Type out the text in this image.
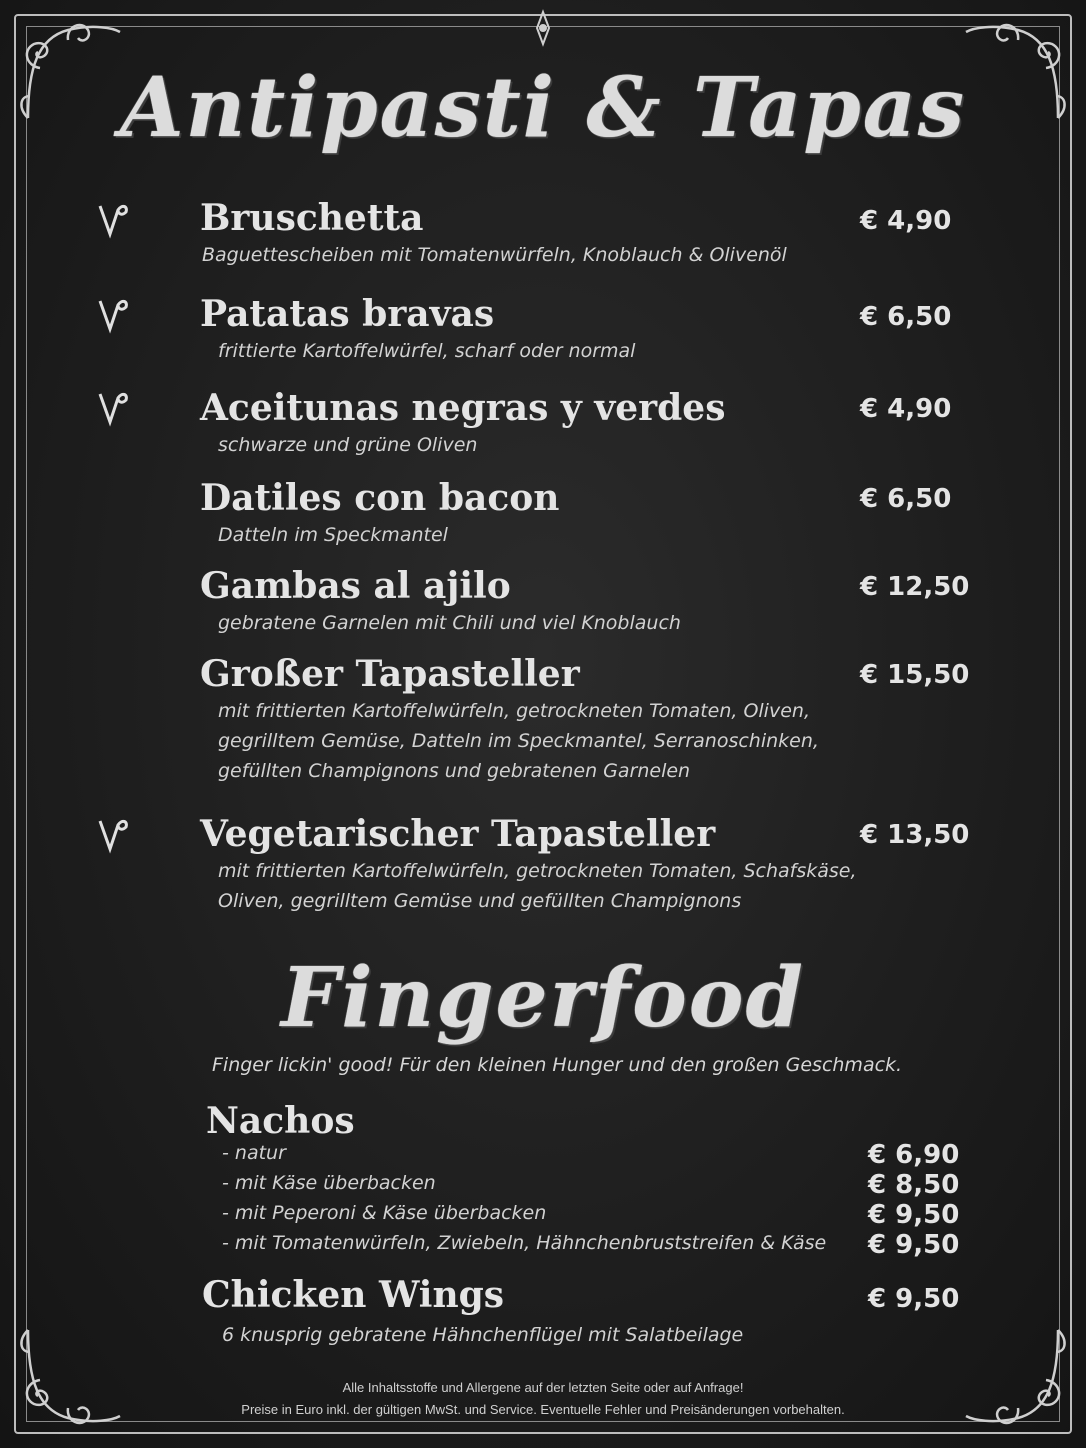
Antipasti & Tapas
Bruschetta
Baguettescheiben mit Tomatenwürfeln, Knoblauch & Olivenöl
€ 4,90
Patatas bravas
frittierte Kartoffelwürfel, scharf oder normal
€ 6,50
Aceitunas negras y verdes
schwarze und grüne Oliven
€ 4,90
Datiles con bacon
Datteln im Speckmantel
€ 6,50
Gambas al ajilo
gebratene Garnelen mit Chili und viel Knoblauch
€ 12,50
Großer Tapasteller
mit frittierten Kartoffelwürfeln, getrockneten Tomaten, Oliven,
gegrilltem Gemüse, Datteln im Speckmantel, Serranoschinken,
gefüllten Champignons und gebratenen Garnelen
€ 15,50
Vegetarischer Tapasteller
mit frittierten Kartoffelwürfeln, getrockneten Tomaten, Schafskäse,
Oliven, gegrilltem Gemüse und gefüllten Champignons
€ 13,50
Fingerfood
Finger lickin' good! Für den kleinen Hunger und den großen Geschmack.
Nachos
- natur	€ 6,90
- mit Käse überbacken	€ 8,50
- mit Peperoni & Käse überbacken	€ 9,50
- mit Tomatenwürfeln, Zwiebeln, Hähnchenbruststreifen & Käse € 9,50
Chicken Wings	€ 9,50
6 knusprig gebratene Hähnchenflügel mit Salatbeilage
Alle Inhaltsstoffe und Allergene auf der letzten Seite oder auf Anfrage!
Preise in Euro inkl. der gültigen MwSt. und Service. Eventuelle Fehler und Preisänderungen vorbehalten.
